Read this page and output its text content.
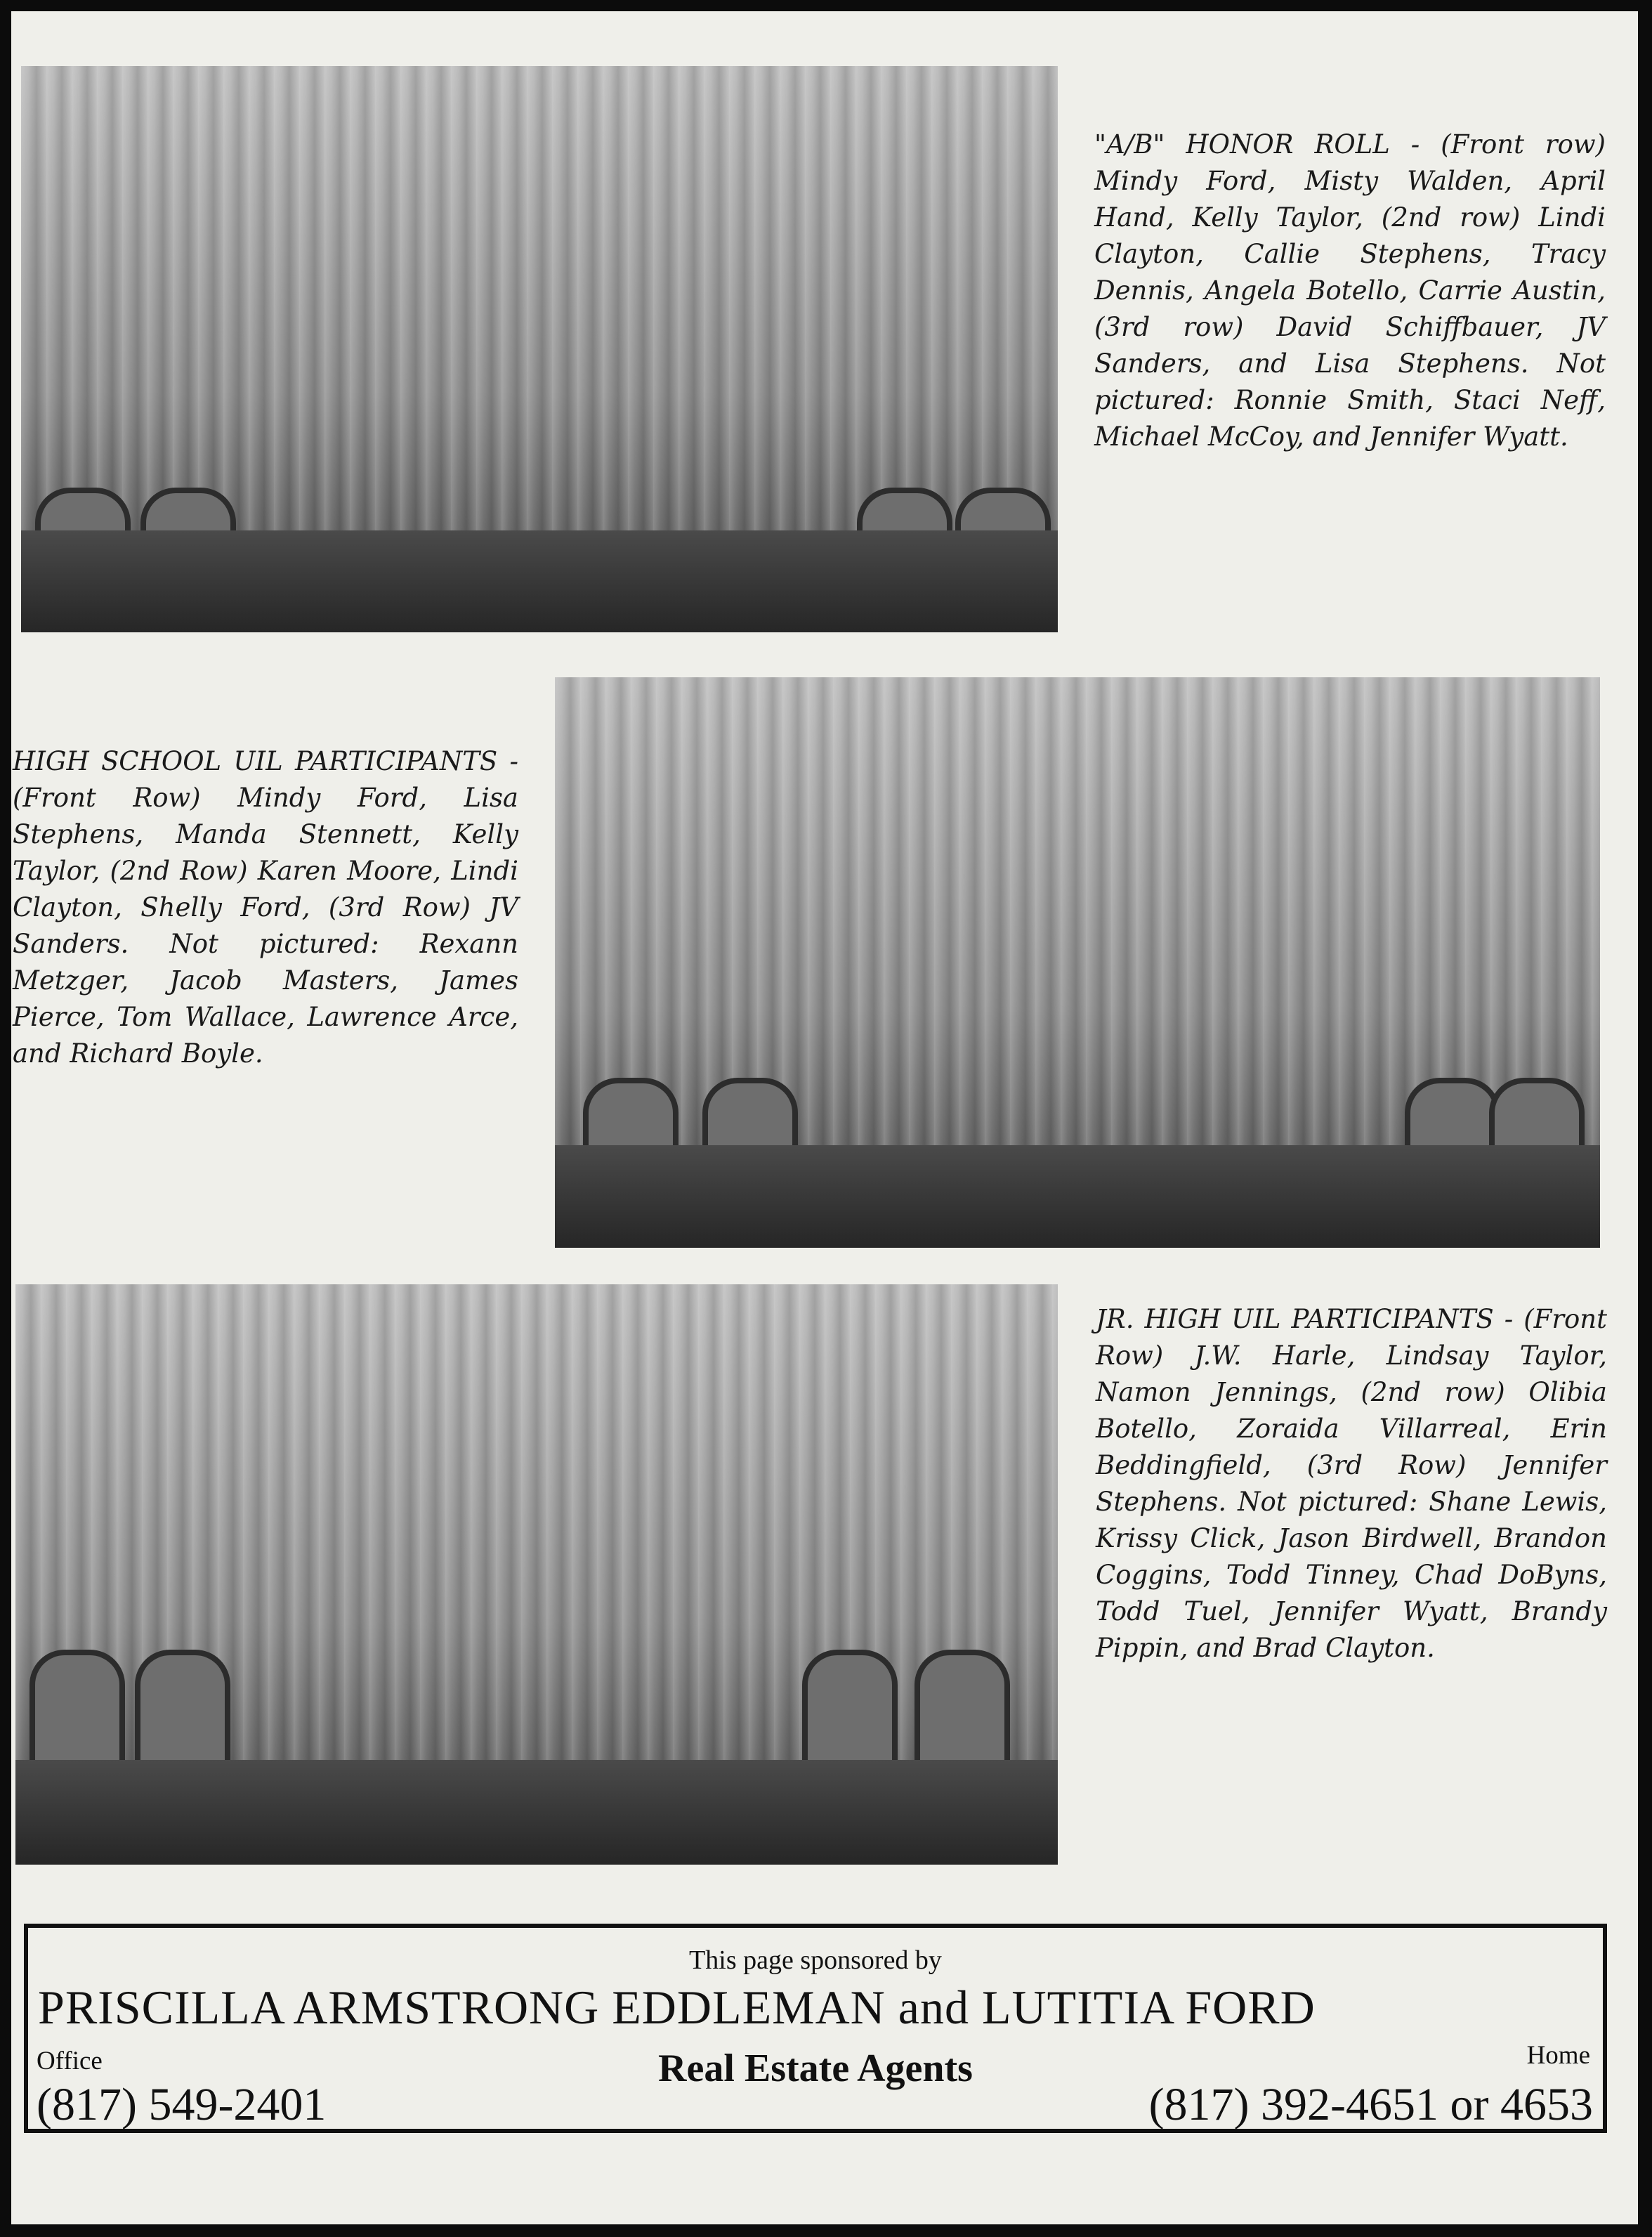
"A/B" HONOR ROLL - (Front row) Mindy Ford, Misty Walden, April Hand, Kelly Taylor, (2nd row) Lindi Clayton, Callie Stephens, Tracy Dennis, Angela Botello, Carrie Austin, (3rd row) David Schiffbauer, JV Sanders, and Lisa Stephens. Not pictured: Ronnie Smith, Staci Neff, Michael McCoy, and Jennifer Wyatt.

HIGH SCHOOL UIL PARTICIPANTS - (Front Row) Mindy Ford, Lisa Stephens, Manda Stennett, Kelly Taylor, (2nd Row) Karen Moore, Lindi Clayton, Shelly Ford, (3rd Row) JV Sanders. Not pictured: Rexann Metzger, Jacob Masters, James Pierce, Tom Wallace, Lawrence Arce, and Richard Boyle.

JR. HIGH UIL PARTICIPANTS - (Front Row) J.W. Harle, Lindsay Taylor, Namon Jennings, (2nd row) Olibia Botello, Zoraida Villarreal, Erin Beddingfield, (3rd Row) Jennifer Stephens. Not pictured: Shane Lewis, Krissy Click, Jason Birdwell, Brandon Coggins, Todd Tinney, Chad DoByns, Todd Tuel, Jennifer Wyatt, Brandy Pippin, and Brad Clayton.

This page sponsored by
PRISCILLA ARMSTRONG EDDLEMAN and LUTITIA FORD
Office	Home
Real Estate Agents
(817) 549-2401	(817) 392-4651 or 4653
